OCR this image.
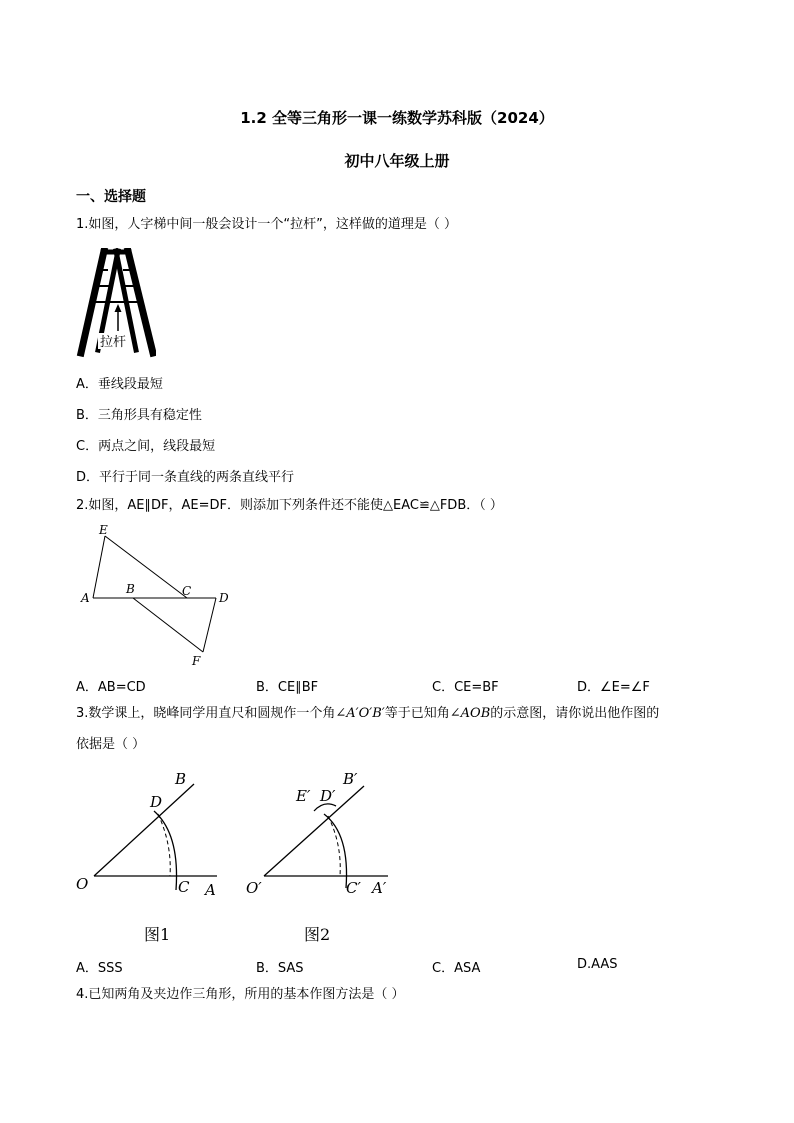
1.2 全等三角形一课一练数学苏科版（2024）
初中八年级上册
一、选择题
1.如图，人字梯中间一般会设计一个“拉杆”，这样做的道理是（ ）
拉杆
A．垂线段最短
B．三角形具有稳定性
C．两点之间，线段最短
D．平行于同一条直线的两条直线平行
2.如图，AE∥DF，AE=DF．则添加下列条件还不能使△EAC≌△FDB．（ ）
E
A
B	C D
F
A．AB=CD	B．CE∥BF	C．CE=BF	D．∠E=∠F
3.数学课上，晓峰同学用直尺和圆规作一个角∠A′O′B′等于已知角∠AOB的示意图，请你说出他作图的
依据是（ ）
B
D
O	C A
图1
E′ D′
B′
O′	C′ A′
图2
A．SSS	B．SAS	C．ASA	D.AAS
4.已知两角及夹边作三角形，所用的基本作图方法是（ ）
